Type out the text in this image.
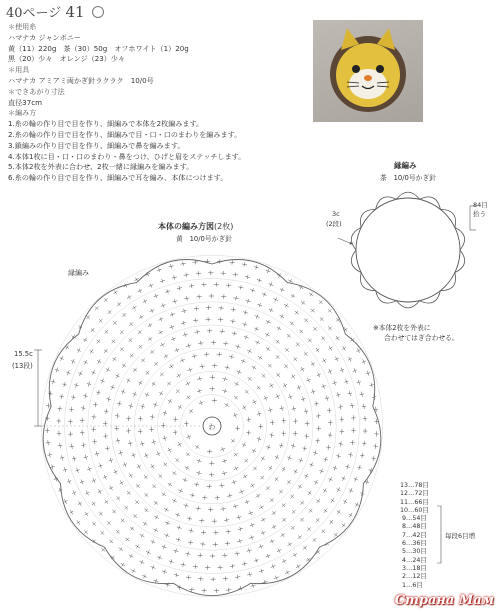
40ページ 41
＊使用糸
ハマナカ ジャンボニー
黄（11）220g　茶（30）50g　オフホワイト（1）20g
黒（20）少々　オレンジ（23）少々
＊用具
ハマナカ アミアミ両かぎ針ラクラク　10/0号
＊できあがり寸法
直径37cm
＊編み方
1.糸の輪の作り目で目を作り、細編みで本体を2枚編みます。
2.糸の輪の作り目で目を作り、細編みで目・口・口のまわりを編みます。
3.鎖編みの作り目で目を作り、細編みで鼻を編みます。
4.本体1枚に目・口・口のまわり・鼻をつけ、ひげと眉をステッチします。
5.本体2枚を外表に合わせ、2枚一緒に縁編みを編みます。
6.糸の輪の作り目で目を作り、細編みで耳を編み、本体につけます。
縁編み
茶　10/0号かぎ針
3c
(2段)
84目
拾う
※本体2枚を外表に
合わせてはぎ合わせる。
本体の編み方図(2枚)
黄　10/0号かぎ針
縁編み
15.5c
(13段)
わ
13…78目
12…72目
11…66目
10…60目
9…54目
8…48目
7…42目
6…36目
5…30目
4…24目
3…18目
2…12目
1…6目
毎段6目増
Страна Мам
